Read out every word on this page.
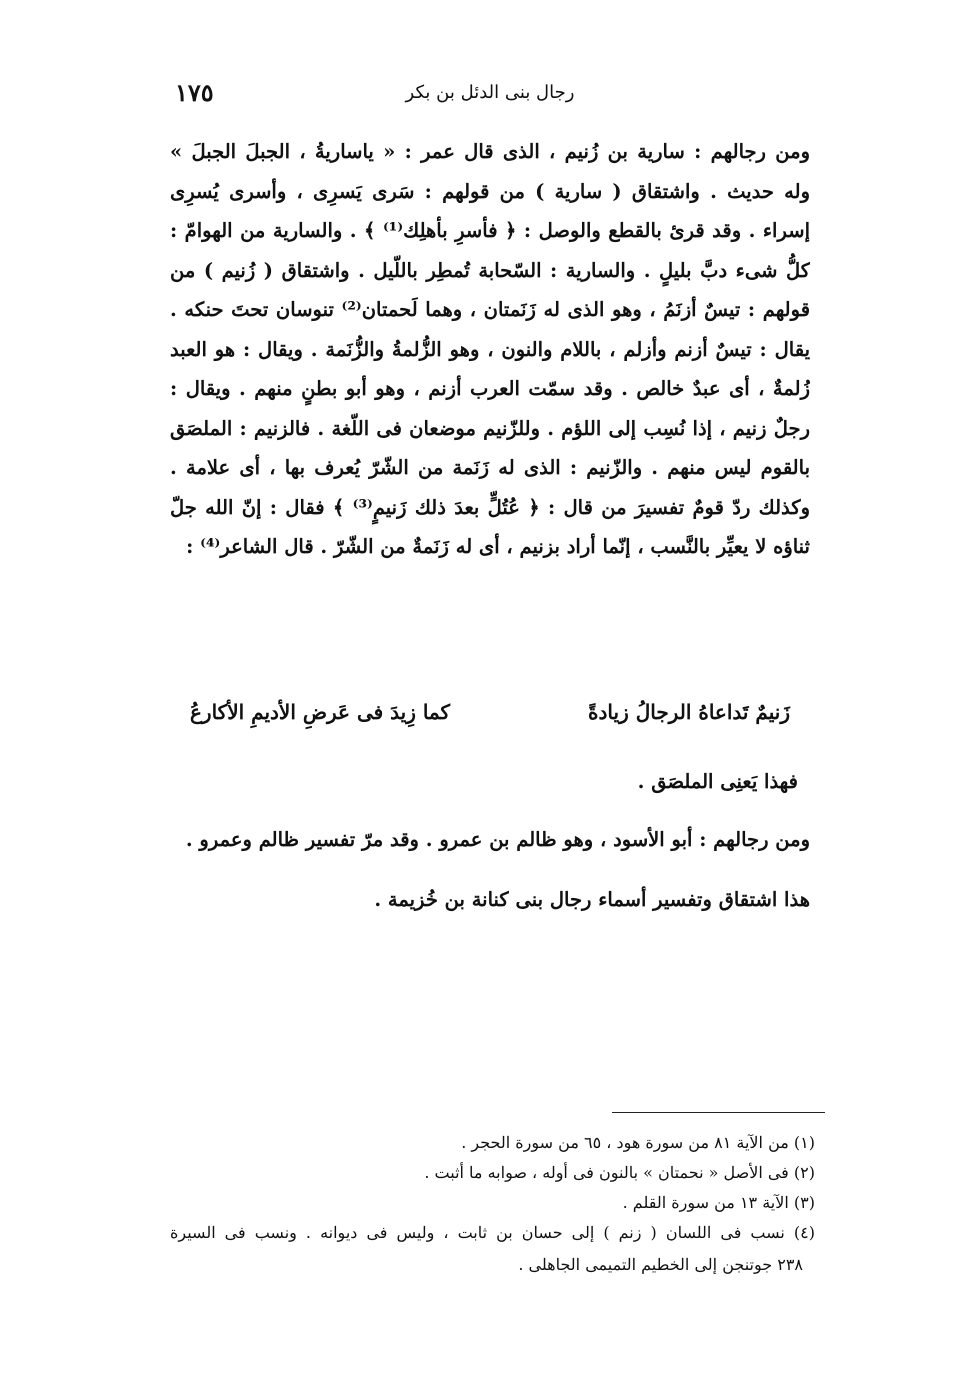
١٧٥	رجال بنى الدئل بن بكر
ومن رجالهم : سارية بن زُنيم ، الذى قال عمر : « ياساريةُ ، الجبلَ الجبلَ »
وله حديث . واشتقاق ( سارية ) من قولهم : سَرى يَسرِى ، وأسرى يُسرِى
إسراء . وقد قرئ بالقطع والوصل : ﴿ فأسرِ بأهلِك⁽¹⁾ ﴾ . والسارية من الهوامّ :
كلُّ شىء دبَّ بليلٍ . والسارية : السّحابة تُمطِر باللّيل . واشتقاق ( زُنيم ) من
قولهم : تيسٌ أزنَمُ ، وهو الذى له زَنَمتان ، وهما لَحمتان⁽²⁾ تنوسان تحتَ حنكه .
يقال : تيسٌ أزنم وأزلم ، باللام والنون ، وهو الزُّلمةُ والزُّنَمة . ويقال : هو العبد
زُلمةٌ ، أى عبدٌ خالص . وقد سمّت العرب أزنم ، وهو أبو بطنٍ منهم . ويقال :
رجلٌ زنيم ، إذا نُسِب إلى اللؤم . وللزّنيم موضعان فى اللّغة . فالزنيم : الملصَق
بالقوم ليس منهم . والزّنيم : الذى له زَنَمة من الشّرّ يُعرف بها ، أى علامة .
وكذلك ردّ قومٌ تفسيرَ من قال : ﴿ عُتُلٍّ بعدَ ذلك زَنيمٍ⁽³⁾ ﴾ فقال : إنّ الله جلّ
ثناؤه لا يعيِّر بالنَّسب ، إنّما أراد بزنيم ، أى له زَنَمةٌ من الشّرّ . قال الشاعر⁽⁴⁾ :
زَنيمٌ تَداعاهُ الرجالُ زيادةً
كما زِيدَ فى عَرضِ الأديمِ الأكارعُ
فهذا يَعنِى الملصَق .
ومن رجالهم : أبو الأسود ، وهو ظالم بن عمرو . وقد مرّ تفسير ظالم وعمرو .
هذا اشتقاق وتفسير أسماء رجال بنى كنانة بن خُزيمة .
(١) من الآية ٨١ من سورة هود ، ٦٥ من سورة الحجر .
(٢) فى الأصل « نحمتان » بالنون فى أوله ، صوابه ما أثبت .
(٣) الآية ١٣ من سورة القلم .
(٤) نسب فى اللسان ( زنم ) إلى حسان بن ثابت ، وليس فى ديوانه . ونسب فى السيرة
٢٣٨ جوتنجن إلى الخطيم التميمى الجاهلى .
